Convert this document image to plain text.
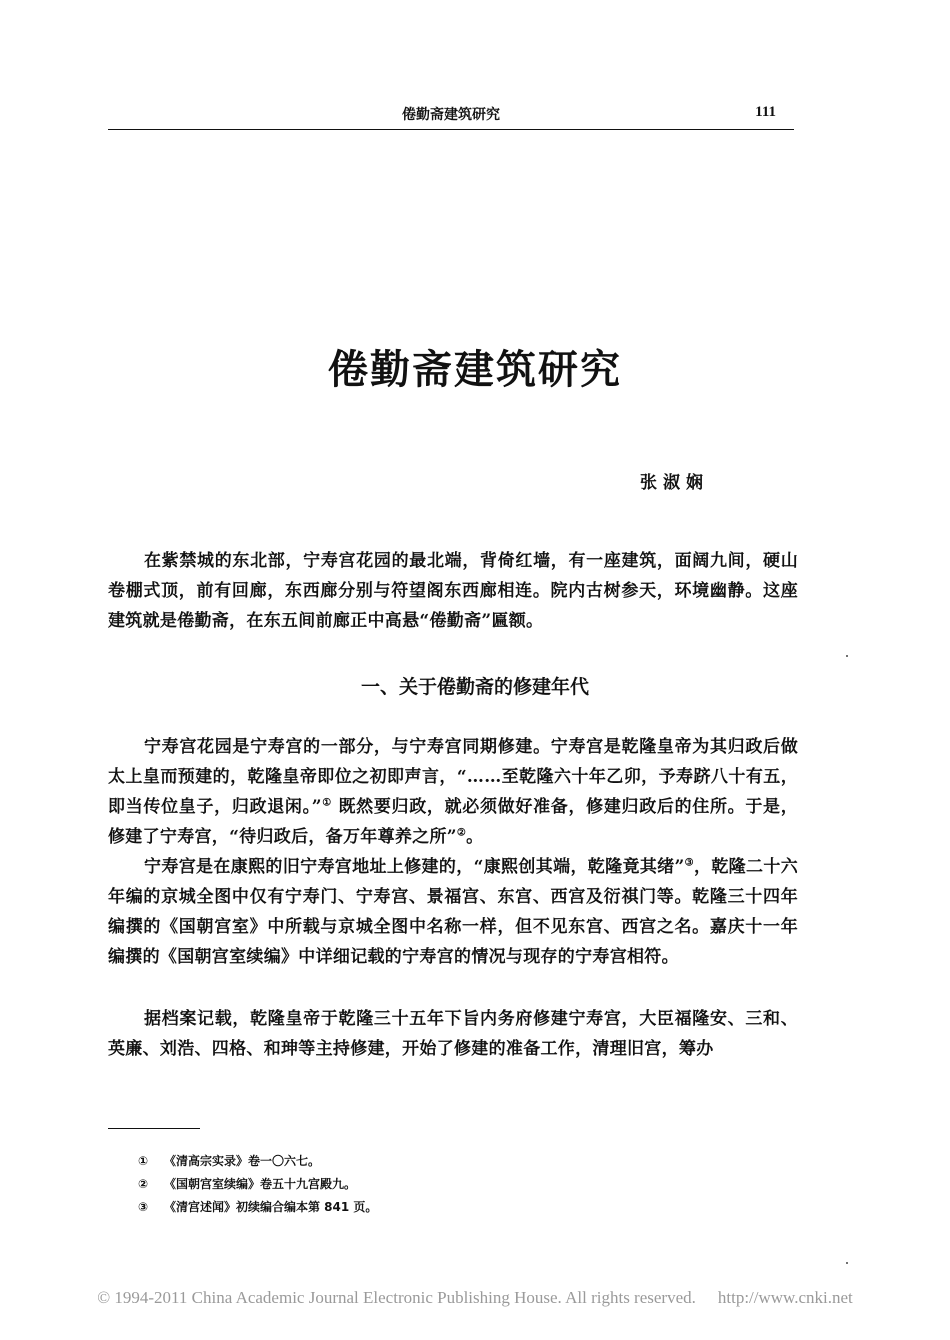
倦勤斋建筑研究	111
倦勤斋建筑研究
张淑娴

在紫禁城的东北部，宁寿宫花园的最北端，背倚红墙，有一座建筑，面阔九间，硬山卷棚式顶，前有回廊，东西廊分别与符望阁东西廊相连。院内古树参天，环境幽静。这座建筑就是倦勤斋，在东五间前廊正中高悬“倦勤斋”匾额。

一、关于倦勤斋的修建年代

宁寿宫花园是宁寿宫的一部分，与宁寿宫同期修建。宁寿宫是乾隆皇帝为其归政后做太上皇而预建的，乾隆皇帝即位之初即声言，“……至乾隆六十年乙卯，予寿跻八十有五，即当传位皇子，归政退闲。”① 既然要归政，就必须做好准备，修建归政后的住所。于是，修建了宁寿宫，“待归政后，备万年尊养之所”②。

宁寿宫是在康熙的旧宁寿宫地址上修建的，“康熙创其端，乾隆竟其绪”③，乾隆二十六年编的京城全图中仅有宁寿门、宁寿宫、景福宫、东宫、西宫及衍祺门等。乾隆三十四年编撰的《国朝宫室》中所载与京城全图中名称一样，但不见东宫、西宫之名。嘉庆十一年编撰的《国朝宫室续编》中详细记载的宁寿宫的情况与现存的宁寿宫相符。

据档案记载，乾隆皇帝于乾隆三十五年下旨内务府修建宁寿宫，大臣福隆安、三和、英廉、刘浩、四格、和珅等主持修建，开始了修建的准备工作，清理旧宫，筹办

① 《清高宗实录》卷一〇六七。
② 《国朝宫室续编》卷五十九宫殿九。
③ 《清宫述闻》初续编合编本第 841 页。
© 1994-2011 China Academic Journal Electronic Publishing House. All rights reserved. http://www.cnki.net
